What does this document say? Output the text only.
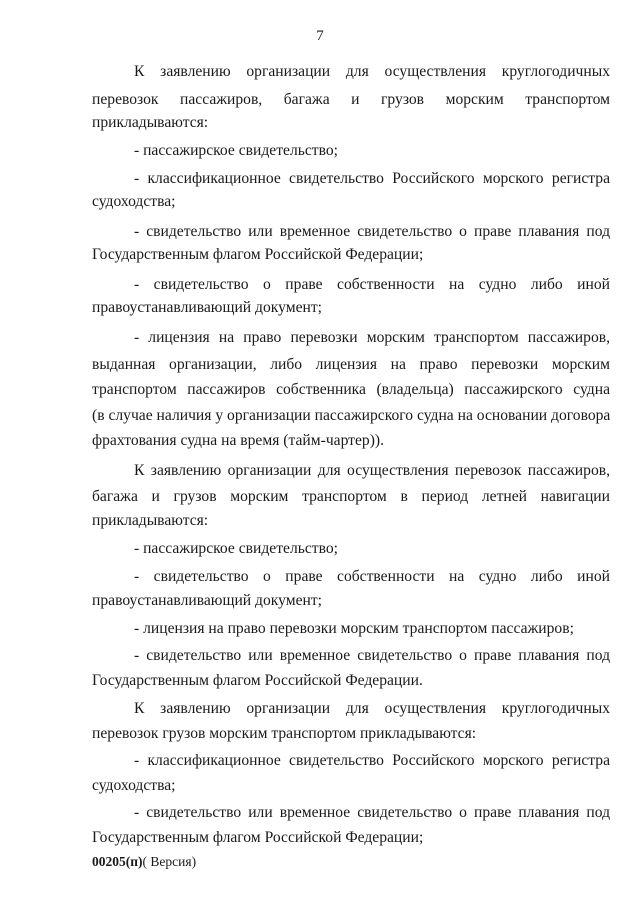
7
К заявлению организации для осуществления круглогодичных
перевозок пассажиров, багажа и грузов морским транспортом
прикладываются:
- пассажирское свидетельство;
- классификационное свидетельство Российского морского регистра
судоходства;
- свидетельство или временное свидетельство о праве плавания под
Государственным флагом Российской Федерации;
- свидетельство о праве собственности на судно либо иной
правоустанавливающий документ;
- лицензия на право перевозки морским транспортом пассажиров,
выданная организации, либо лицензия на право перевозки морским
транспортом пассажиров собственника (владельца) пассажирского судна
(в случае наличия у организации пассажирского судна на основании договора
фрахтования судна на время (тайм-чартер)).
К заявлению организации для осуществления перевозок пассажиров,
багажа и грузов морским транспортом в период летней навигации
прикладываются:
- пассажирское свидетельство;
- свидетельство о праве собственности на судно либо иной
правоустанавливающий документ;
- лицензия на право перевозки морским транспортом пассажиров;
- свидетельство или временное свидетельство о праве плавания под
Государственным флагом Российской Федерации.
К заявлению организации для осуществления круглогодичных
перевозок грузов морским транспортом прикладываются:
- классификационное свидетельство Российского морского регистра
судоходства;
- свидетельство или временное свидетельство о праве плавания под
Государственным флагом Российской Федерации;
00205(п)( Версия)
